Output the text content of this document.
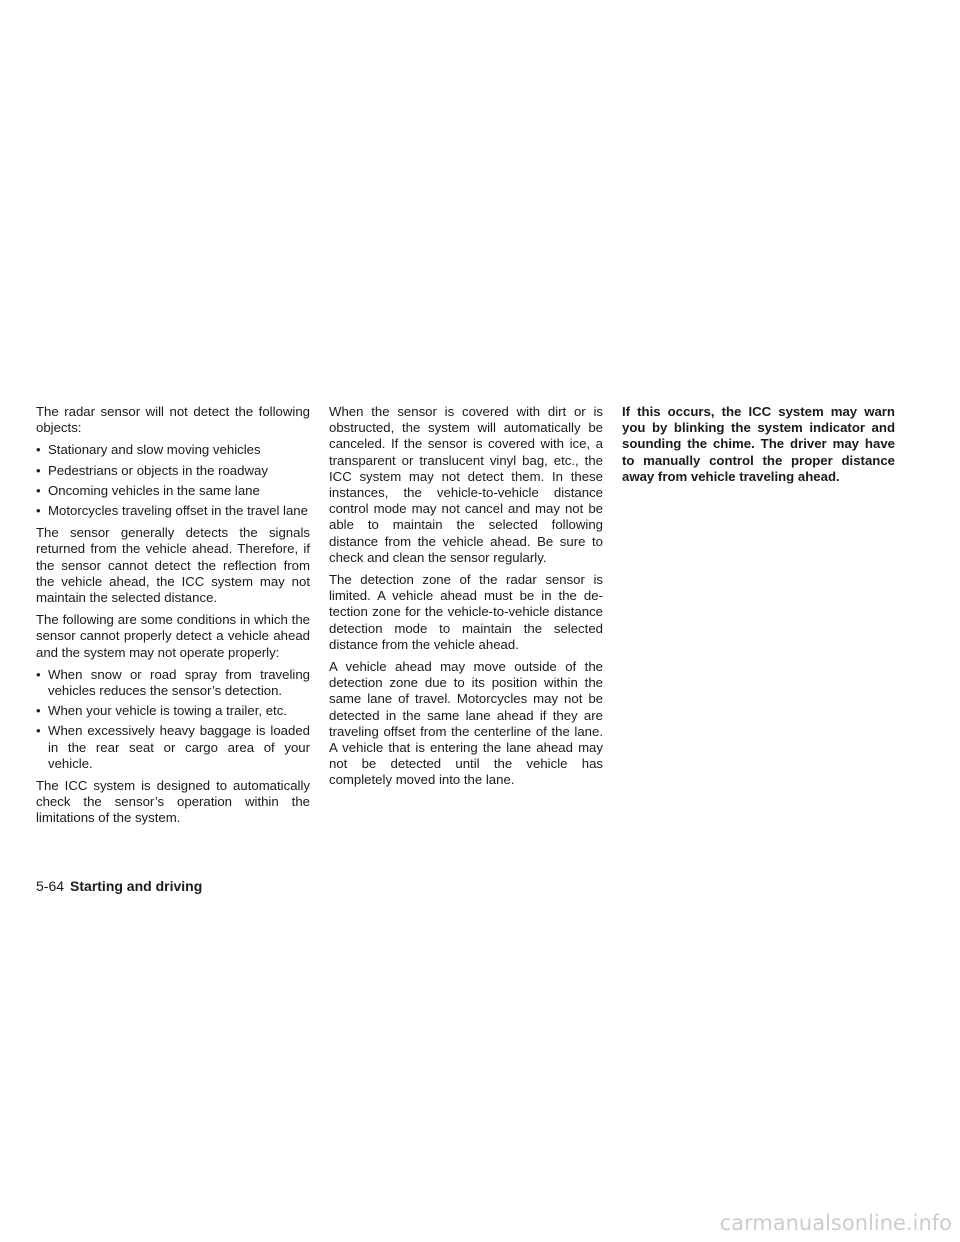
The radar sensor will not detect the following objects:

• Stationary and slow moving vehicles
• Pedestrians or objects in the roadway
• Oncoming vehicles in the same lane
• Motorcycles traveling offset in the travel lane

The sensor generally detects the signals returned from the vehicle ahead. Therefore, if the sensor cannot detect the reflection from the vehicle ahead, the ICC system may not maintain the selected distance.

The following are some conditions in which the sensor cannot properly detect a vehicle ahead and the system may not operate properly:

• When snow or road spray from traveling vehicles reduces the sensor’s detection.
• When your vehicle is towing a trailer, etc.
• When excessively heavy baggage is loaded in the rear seat or cargo area of your vehicle.

The ICC system is designed to automatically check the sensor’s operation within the limitations of the system.

When the sensor is covered with dirt or is obstructed, the system will automatically be canceled. If the sensor is covered with ice, a transparent or translucent vinyl bag, etc., the ICC system may not detect them. In these instances, the vehicle-to-vehicle distance control mode may not cancel and may not be able to maintain the selected following distance from the vehicle ahead. Be sure to check and clean the sensor regularly.

The detection zone of the radar sensor is limited. A vehicle ahead must be in the detection zone for the vehicle-to-vehicle distance detection mode to maintain the selected distance from the vehicle ahead.

A vehicle ahead may move outside of the detection zone due to its position within the same lane of travel. Motorcycles may not be detected in the same lane ahead if they are traveling offset from the centerline of the lane. A vehicle that is entering the lane ahead may not be detected until the vehicle has completely moved into the lane.

If this occurs, the ICC system may warn you by blinking the system indicator and sounding the chime. The driver may have to manually control the proper distance away from vehicle traveling ahead.

5-64 Starting and driving
carmanualsonline.info
